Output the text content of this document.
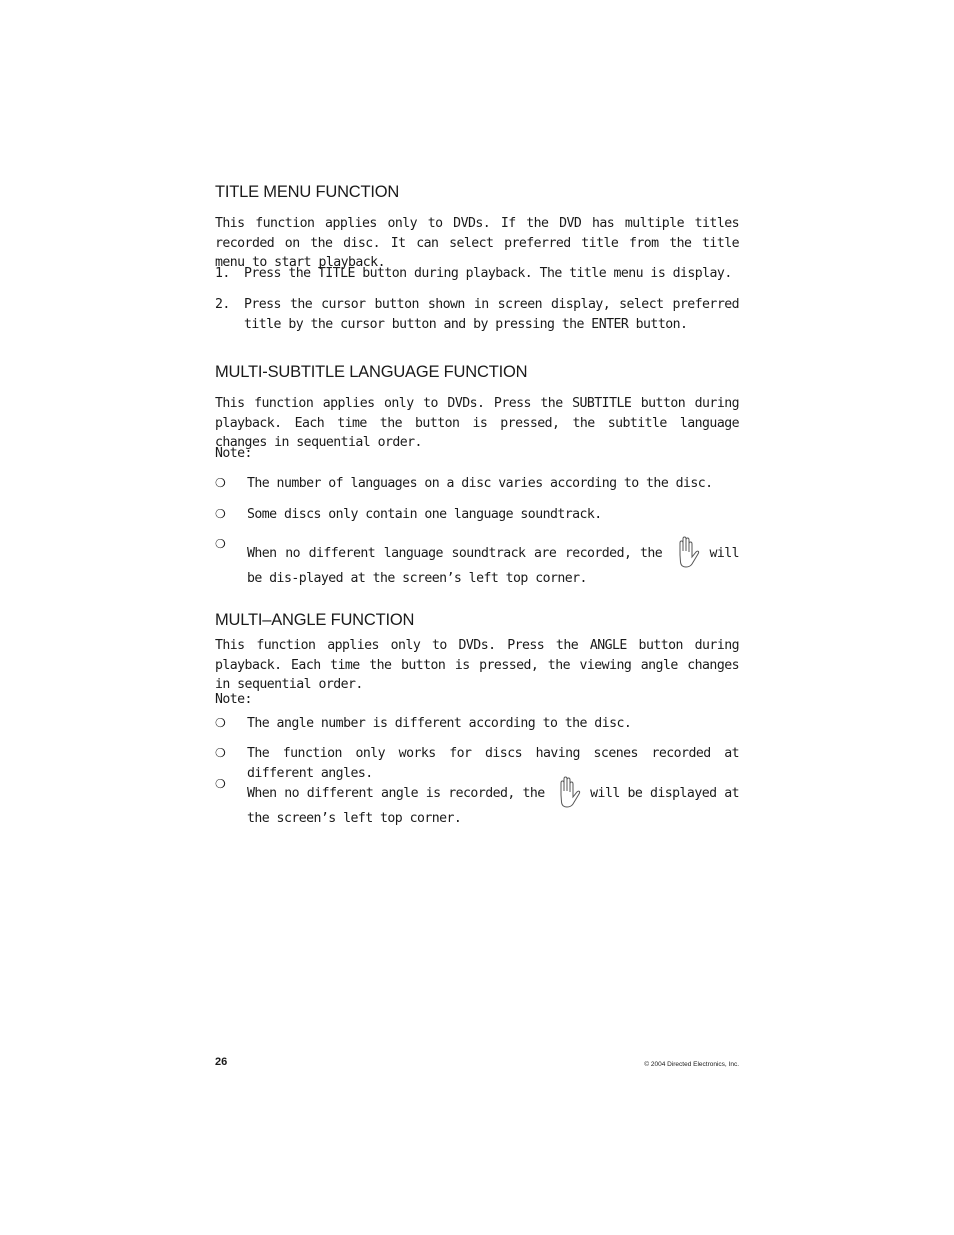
TITLE MENU FUNCTION
This function applies only to DVDs. If the DVD has multiple titles recorded on the disc. It can select preferred title from the title menu to start playback.
1. Press the TITLE button during playback. The title menu is display.
2. Press the cursor button shown in screen display, select preferred title by the cursor button and by pressing the ENTER button.
MULTI-SUBTITLE LANGUAGE FUNCTION
This function applies only to DVDs. Press the SUBTITLE button during playback. Each time the button is pressed, the subtitle language changes in sequential order.
Note:
❍ The number of languages on a disc varies according to the disc.
❍ Some discs only contain one language soundtrack.
❍
When no different language soundtrack are recorded, the	will be dis-played at the screen’s left top corner.
MULTI–ANGLE FUNCTION
This function applies only to DVDs. Press the ANGLE button during playback. Each time the button is pressed, the viewing angle changes in sequential order.
Note:
❍ The angle number is different according to the disc.
❍ The function only works for discs having scenes recorded at different angles.
❍
When no different angle is recorded, the	will be displayed at the screen’s left top corner.
26	© 2004 Directed Electronics, Inc.
